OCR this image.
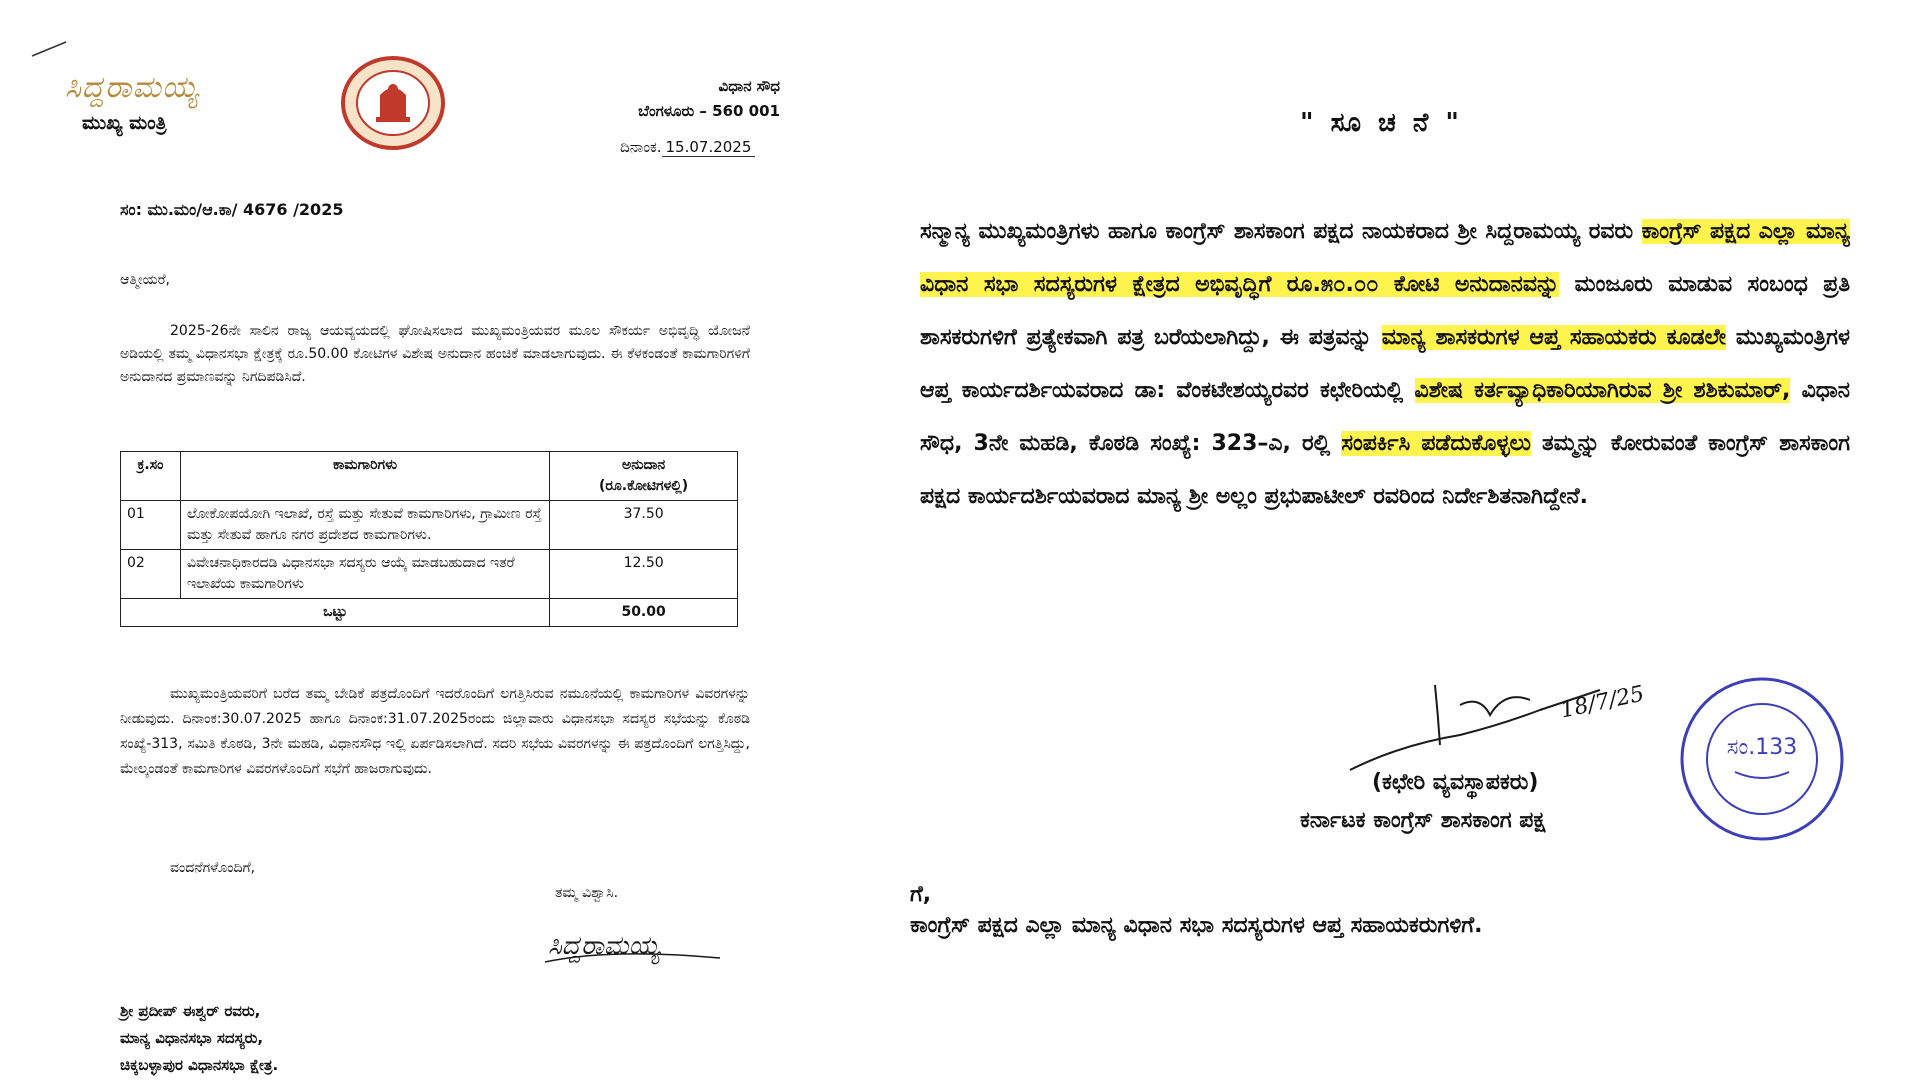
ಸಿದ್ದರಾಮಯ್ಯ
ಮುಖ್ಯ ಮಂತ್ರಿ
ವಿಧಾನ ಸೌಧ
ಬೆಂಗಳೂರು – 560 001
ದಿನಾಂಕ. 15.07.2025
ಸಂ: ಮು.ಮಂ/ಆ.ಕಾ/ 4676 /2025
ಆತ್ಮೀಯರೆ,
2025-26ನೇ ಸಾಲಿನ ರಾಜ್ಯ ಆಯವ್ಯಯದಲ್ಲಿ ಘೋಷಿಸಲಾದ ಮುಖ್ಯಮಂತ್ರಿಯವರ ಮೂಲ ಸೌಕರ್ಯ ಅಭಿವೃದ್ಧಿ ಯೋಜನೆ ಅಡಿಯಲ್ಲಿ ತಮ್ಮ ವಿಧಾನಸಭಾ ಕ್ಷೇತ್ರಕ್ಕೆ ರೂ.50.00 ಕೋಟಿಗಳ ವಿಶೇಷ ಅನುದಾನ ಹಂಚಿಕೆ ಮಾಡಲಾಗುವುದು. ಈ ಕೆಳಕಂಡಂತೆ ಕಾಮಗಾರಿಗಳಿಗೆ ಅನುದಾನದ ಪ್ರಮಾಣವನ್ನು ನಿಗದಿಪಡಿಸಿದೆ.
ಕ್ರ.ಸಂ	ಕಾಮಗಾರಿಗಳು	ಅನುದಾನ
(ರೂ.ಕೋಟಿಗಳಲ್ಲಿ)

01	ಲೋಕೋಪಯೋಗಿ ಇಲಾಖೆ, ರಸ್ತೆ ಮತ್ತು ಸೇತುವೆ ಕಾಮಗಾರಿಗಳು, ಗ್ರಾಮೀಣ ರಸ್ತೆ ಮತ್ತು ಸೇತುವೆ ಹಾಗೂ ನಗರ ಪ್ರದೇಶದ ಕಾಮಗಾರಿಗಳು.	37.50
02	ವಿವೇಚನಾಧಿಕಾರದಡಿ ವಿಧಾನಸಭಾ ಸದಸ್ಯರು ಆಯ್ಕೆ ಮಾಡಬಹುದಾದ ಇತರೆ ಇಲಾಖೆಯ ಕಾಮಗಾರಿಗಳು	12.50
ಒಟ್ಟು		50.00
ಮುಖ್ಯಮಂತ್ರಿಯವರಿಗೆ ಬರೆದ ತಮ್ಮ ಬೇಡಿಕೆ ಪತ್ರದೊಂದಿಗೆ ಇದರೊಂದಿಗೆ ಲಗತ್ತಿಸಿರುವ ನಮೂನೆಯಲ್ಲಿ ಕಾಮಗಾರಿಗಳ ವಿವರಗಳನ್ನು ನೀಡುವುದು. ದಿನಾಂಕ:30.07.2025 ಹಾಗೂ ದಿನಾಂಕ:31.07.2025ರಂದು ಜಿಲ್ಲಾವಾರು ವಿಧಾನಸಭಾ ಸದಸ್ಯರ ಸಭೆಯನ್ನು ಕೊಠಡಿ ಸಂಖ್ಯೆ-313, ಸಮಿತಿ ಕೊಠಡಿ, 3ನೇ ಮಹಡಿ, ವಿಧಾನಸೌಧ ಇಲ್ಲಿ ಏರ್ಪಡಿಸಲಾಗಿದೆ. ಸದರಿ ಸಭೆಯ ವಿವರಗಳನ್ನು ಈ ಪತ್ರದೊಂದಿಗೆ ಲಗತ್ತಿಸಿದ್ದು, ಮೇಲ್ಕಂಡಂತೆ ಕಾಮಗಾರಿಗಳ ವಿವರಗಳೊಂದಿಗೆ ಸಭೆಗೆ ಹಾಜರಾಗುವುದು.
ವಂದನೆಗಳೊಂದಿಗೆ,
ತಮ್ಮ ವಿಶ್ವಾಸಿ.
ಸಿದ್ದರಾಮಯ್ಯ
ಶ್ರೀ ಪ್ರದೀಪ್ ಈಶ್ವರ್ ರವರು,
ಮಾನ್ಯ ವಿಧಾನಸಭಾ ಸದಸ್ಯರು,
ಚಿಕ್ಕಬಳ್ಳಾಪುರ ವಿಧಾನಸಭಾ ಕ್ಷೇತ್ರ.
" ಸೂ ಚ ನೆ "
ಸನ್ಮಾನ್ಯ ಮುಖ್ಯಮಂತ್ರಿಗಳು ಹಾಗೂ ಕಾಂಗ್ರೆಸ್ ಶಾಸಕಾಂಗ ಪಕ್ಷದ ನಾಯಕರಾದ ಶ್ರೀ ಸಿದ್ದರಾಮಯ್ಯ ರವರು ಕಾಂಗ್ರೆಸ್ ಪಕ್ಷದ ಎಲ್ಲಾ ಮಾನ್ಯ ವಿಧಾನ ಸಭಾ ಸದಸ್ಯರುಗಳ ಕ್ಷೇತ್ರದ ಅಭಿವೃದ್ಧಿಗೆ ರೂ.೫೦.೦೦ ಕೋಟಿ ಅನುದಾನವನ್ನು ಮಂಜೂರು ಮಾಡುವ ಸಂಬಂಧ ಪ್ರತಿ ಶಾಸಕರುಗಳಿಗೆ ಪ್ರತ್ಯೇಕವಾಗಿ ಪತ್ರ ಬರೆಯಲಾಗಿದ್ದು, ಈ ಪತ್ರವನ್ನು ಮಾನ್ಯ ಶಾಸಕರುಗಳ ಆಪ್ತ ಸಹಾಯಕರು ಕೂಡಲೇ ಮುಖ್ಯಮಂತ್ರಿಗಳ ಆಪ್ತ ಕಾರ್ಯದರ್ಶಿಯವರಾದ ಡಾ: ವೆಂಕಟೇಶಯ್ಯರವರ ಕಛೇರಿಯಲ್ಲಿ ವಿಶೇಷ ಕರ್ತವ್ಯಾಧಿಕಾರಿಯಾಗಿರುವ ಶ್ರೀ ಶಶಿಕುಮಾರ್, ವಿಧಾನ ಸೌಧ, 3ನೇ ಮಹಡಿ, ಕೊಠಡಿ ಸಂಖ್ಯೆ: 323–ಎ, ರಲ್ಲಿ ಸಂಪರ್ಕಿಸಿ ಪಡೆದುಕೊಳ್ಳಲು ತಮ್ಮನ್ನು ಕೋರುವಂತೆ ಕಾಂಗ್ರೆಸ್ ಶಾಸಕಾಂಗ ಪಕ್ಷದ ಕಾರ್ಯದರ್ಶಿಯವರಾದ ಮಾನ್ಯ ಶ್ರೀ ಅಲ್ಲಂ ಪ್ರಭುಪಾಟೀಲ್ ರವರಿಂದ ನಿರ್ದೇಶಿತನಾಗಿದ್ದೇನೆ.
18/7/25
ಸಂ.133
(ಕಛೇರಿ ವ್ಯವಸ್ಥಾಪಕರು)
ಕರ್ನಾಟಕ ಕಾಂಗ್ರೆಸ್ ಶಾಸಕಾಂಗ ಪಕ್ಷ
ಗೆ,
ಕಾಂಗ್ರೆಸ್ ಪಕ್ಷದ ಎಲ್ಲಾ ಮಾನ್ಯ ವಿಧಾನ ಸಭಾ ಸದಸ್ಯರುಗಳ ಆಪ್ತ ಸಹಾಯಕರುಗಳಿಗೆ.
